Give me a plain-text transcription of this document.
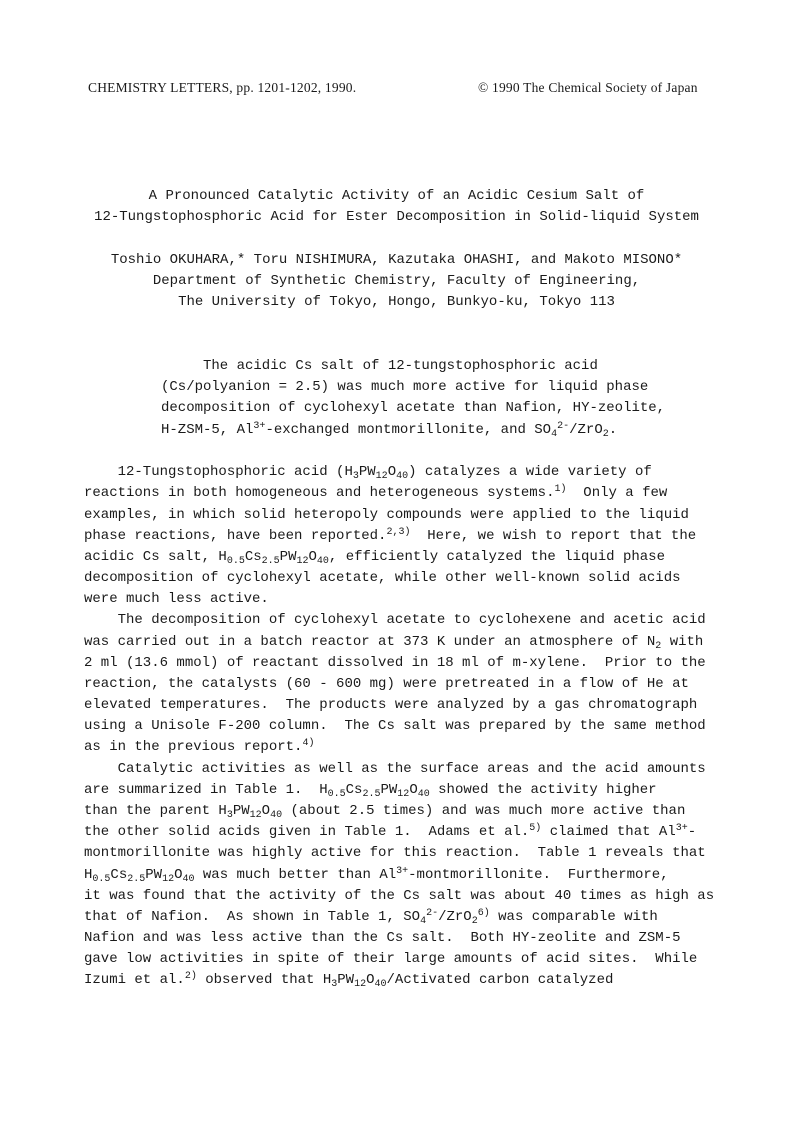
CHEMISTRY LETTERS, pp. 1201-1202, 1990.	© 1990 The Chemical Society of Japan
A Pronounced Catalytic Activity of an Acidic Cesium Salt of
12-Tungstophosphoric Acid for Ester Decomposition in Solid-liquid System
Toshio OKUHARA,* Toru NISHIMURA, Kazutaka OHASHI, and Makoto MISONO*
Department of Synthetic Chemistry, Faculty of Engineering,
The University of Tokyo, Hongo, Bunkyo-ku, Tokyo 113
The acidic Cs salt of 12-tungstophosphoric acid
(Cs/polyanion = 2.5) was much more active for liquid phase
decomposition of cyclohexyl acetate than Nafion, HY-zeolite,
H-ZSM-5, $Al^{3+}$-exchanged montmorillonite, and $SO_4^{2-}/ZrO_2$.
12-Tungstophosphoric acid $(H_3PW_{12}O_{40})$ catalyzes a wide variety of
reactions in both homogeneous and heterogeneous systems.$^{1)}$  Only a few
examples, in which solid heteropoly compounds were applied to the liquid
phase reactions, have been reported.$^{2,3)}$  Here, we wish to report that the
acidic Cs salt, $H_{0.5}Cs_{2.5}PW_{12}O_{40}$, efficiently catalyzed the liquid phase
decomposition of cyclohexyl acetate, while other well-known solid acids
were much less active.
The decomposition of cyclohexyl acetate to cyclohexene and acetic acid
was carried out in a batch reactor at 373 K under an atmosphere of $N_2$ with
2 ml (13.6 mmol) of reactant dissolved in 18 ml of m-xylene.  Prior to the
reaction, the catalysts (60 - 600 mg) were pretreated in a flow of He at
elevated temperatures.  The products were analyzed by a gas chromatograph
using a Unisole F-200 column.  The Cs salt was prepared by the same method
as in the previous report.$^{4)}$
Catalytic activities as well as the surface areas and the acid amounts
are summarized in Table 1.  $H_{0.5}Cs_{2.5}PW_{12}O_{40}$ showed the activity higher
than the parent $H_3PW_{12}O_{40}$ (about 2.5 times) and was much more active than
the other solid acids given in Table 1.  Adams et al.$^{5)}$ claimed that $Al^{3+}-$
montmorillonite was highly active for this reaction.  Table 1 reveals that
$H_{0.5}Cs_{2.5}PW_{12}O_{40}$ was much better than $Al^{3+}$-montmorillonite.  Furthermore,
it was found that the activity of the Cs salt was about 40 times as high as
that of Nafion.  As shown in Table 1, $SO_4^{2-}/ZrO_2^{6)}$ was comparable with
Nafion and was less active than the Cs salt.  Both HY-zeolite and ZSM-5
gave low activities in spite of their large amounts of acid sites.  While
Izumi et al.$^{2)}$ observed that $H_3PW_{12}O_{40}$/Activated carbon catalyzed
